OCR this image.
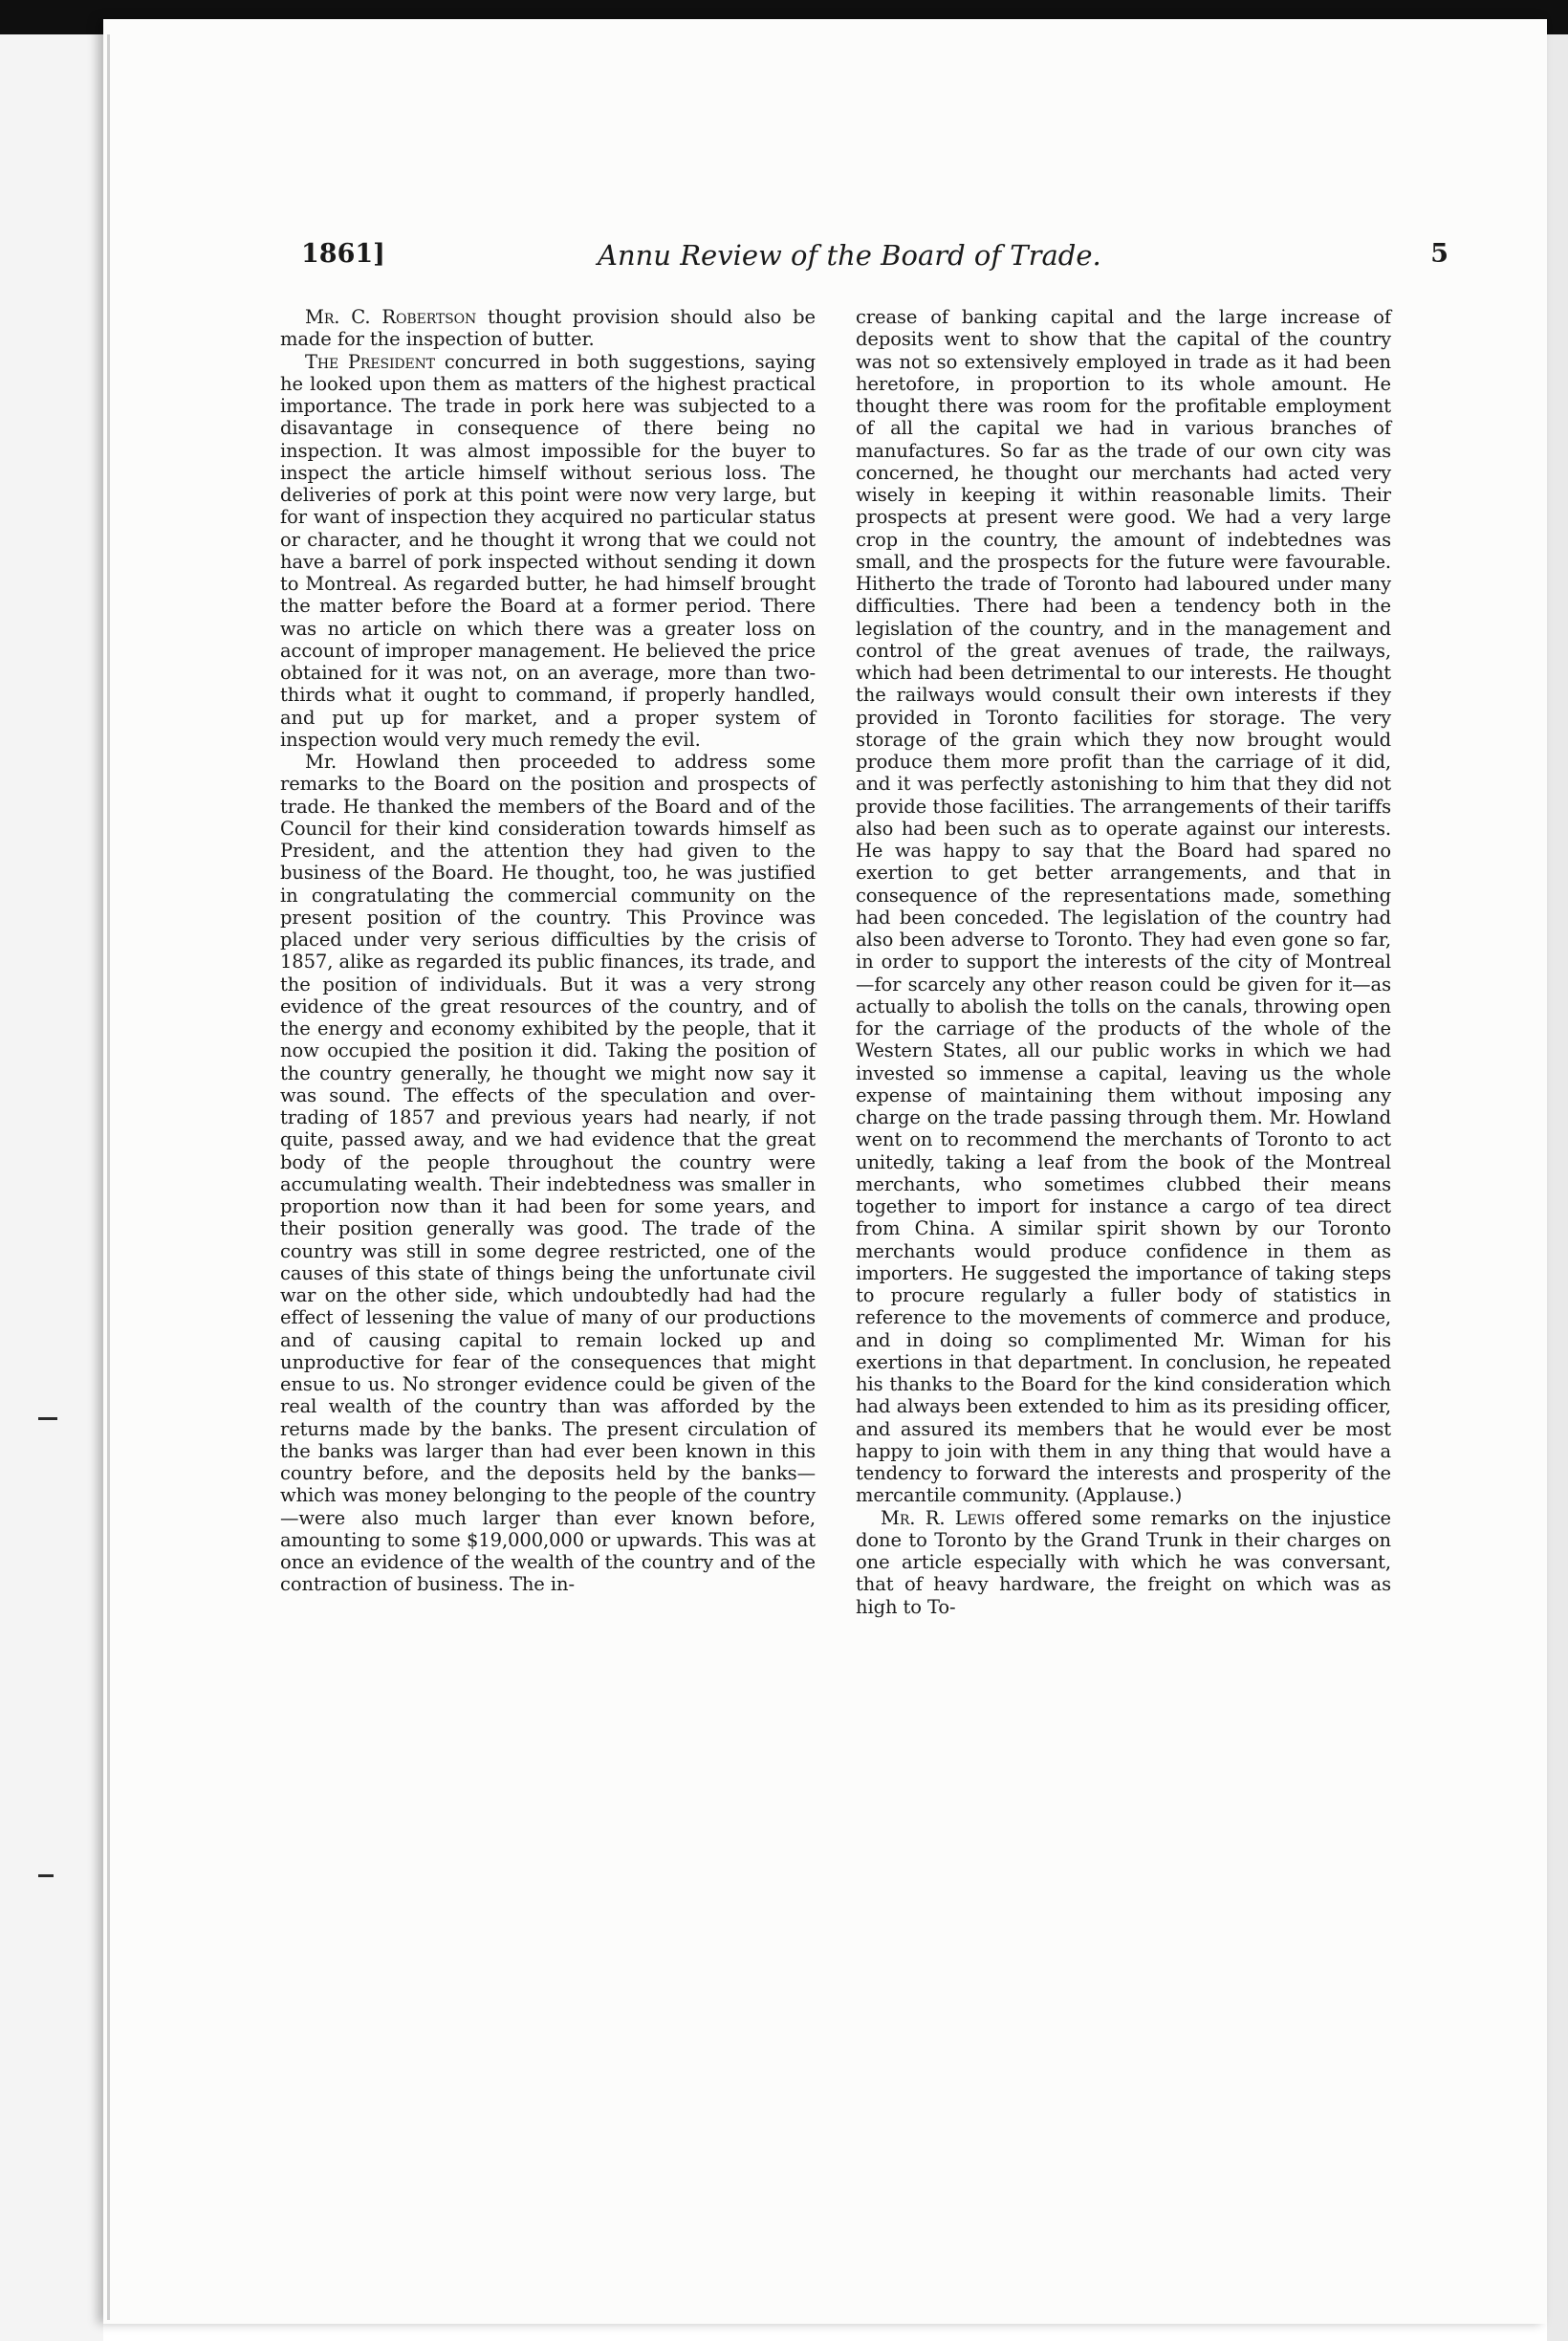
1861]	Annu Review of the Board of Trade.	5

Mr. C. Robertson thought provision should also be made for the inspection of butter.

The President concurred in both suggestions, saying he looked upon them as matters of the highest practical importance. The trade in pork here was subjected to a disavantage in consequence of there being no inspection. It was almost impossible for the buyer to inspect the article himself without serious loss. The deliveries of pork at this point were now very large, but for want of inspection they acquired no particular status or character, and he thought it wrong that we could not have a barrel of pork inspected without sending it down to Montreal. As regarded butter, he had himself brought the matter before the Board at a former period. There was no article on which there was a greater loss on account of improper management. He believed the price obtained for it was not, on an average, more than two-thirds what it ought to command, if properly handled, and put up for market, and a proper system of inspection would very much remedy the evil.

Mr. Howland then proceeded to address some remarks to the Board on the position and prospects of trade. He thanked the members of the Board and of the Council for their kind consideration towards himself as President, and the attention they had given to the business of the Board. He thought, too, he was justified in congratulating the commercial community on the present position of the country. This Province was placed under very serious difficulties by the crisis of 1857, alike as regarded its public finances, its trade, and the position of individuals. But it was a very strong evidence of the great resources of the country, and of the energy and economy exhibited by the people, that it now occupied the position it did. Taking the position of the country generally, he thought we might now say it was sound. The effects of the speculation and over-trading of 1857 and previous years had nearly, if not quite, passed away, and we had evidence that the great body of the people throughout the country were accumulating wealth. Their indebtedness was smaller in proportion now than it had been for some years, and their position generally was good. The trade of the country was still in some degree restricted, one of the causes of this state of things being the unfortunate civil war on the other side, which undoubtedly had had the effect of lessening the value of many of our productions and of causing capital to remain locked up and unproductive for fear of the consequences that might ensue to us. No stronger evidence could be given of the real wealth of the country than was afforded by the returns made by the banks. The present circulation of the banks was larger than had ever been known in this country before, and the deposits held by the banks—which was money belonging to the people of the country—were also much larger than ever known before, amounting to some $19,000,000 or upwards. This was at once an evidence of the wealth of the country and of the contraction of business. The in-

crease of banking capital and the large increase of deposits went to show that the capital of the country was not so extensively employed in trade as it had been heretofore, in proportion to its whole amount. He thought there was room for the profitable employment of all the capital we had in various branches of manufactures. So far as the trade of our own city was concerned, he thought our merchants had acted very wisely in keeping it within reasonable limits. Their prospects at present were good. We had a very large crop in the country, the amount of indebtednes was small, and the prospects for the future were favourable. Hitherto the trade of Toronto had laboured under many difficulties. There had been a tendency both in the legislation of the country, and in the management and control of the great avenues of trade, the railways, which had been detrimental to our interests. He thought the railways would consult their own interests if they provided in Toronto facilities for storage. The very storage of the grain which they now brought would produce them more profit than the carriage of it did, and it was perfectly astonishing to him that they did not provide those facilities. The arrangements of their tariffs also had been such as to operate against our interests. He was happy to say that the Board had spared no exertion to get better arrangements, and that in consequence of the representations made, something had been conceded. The legislation of the country had also been adverse to Toronto. They had even gone so far, in order to support the interests of the city of Montreal—for scarcely any other reason could be given for it—as actually to abolish the tolls on the canals, throwing open for the carriage of the products of the whole of the Western States, all our public works in which we had invested so immense a capital, leaving us the whole expense of maintaining them without imposing any charge on the trade passing through them. Mr. Howland went on to recommend the merchants of Toronto to act unitedly, taking a leaf from the book of the Montreal merchants, who sometimes clubbed their means together to import for instance a cargo of tea direct from China. A similar spirit shown by our Toronto merchants would produce confidence in them as importers. He suggested the importance of taking steps to procure regularly a fuller body of statistics in reference to the movements of commerce and produce, and in doing so complimented Mr. Wiman for his exertions in that department. In conclusion, he repeated his thanks to the Board for the kind consideration which had always been extended to him as its presiding officer, and assured its members that he would ever be most happy to join with them in any thing that would have a tendency to forward the interests and prosperity of the mercantile community. (Applause.)

Mr. R. Lewis offered some remarks on the injustice done to Toronto by the Grand Trunk in their charges on one article especially with which he was conversant, that of heavy hardware, the freight on which was as high to To-
